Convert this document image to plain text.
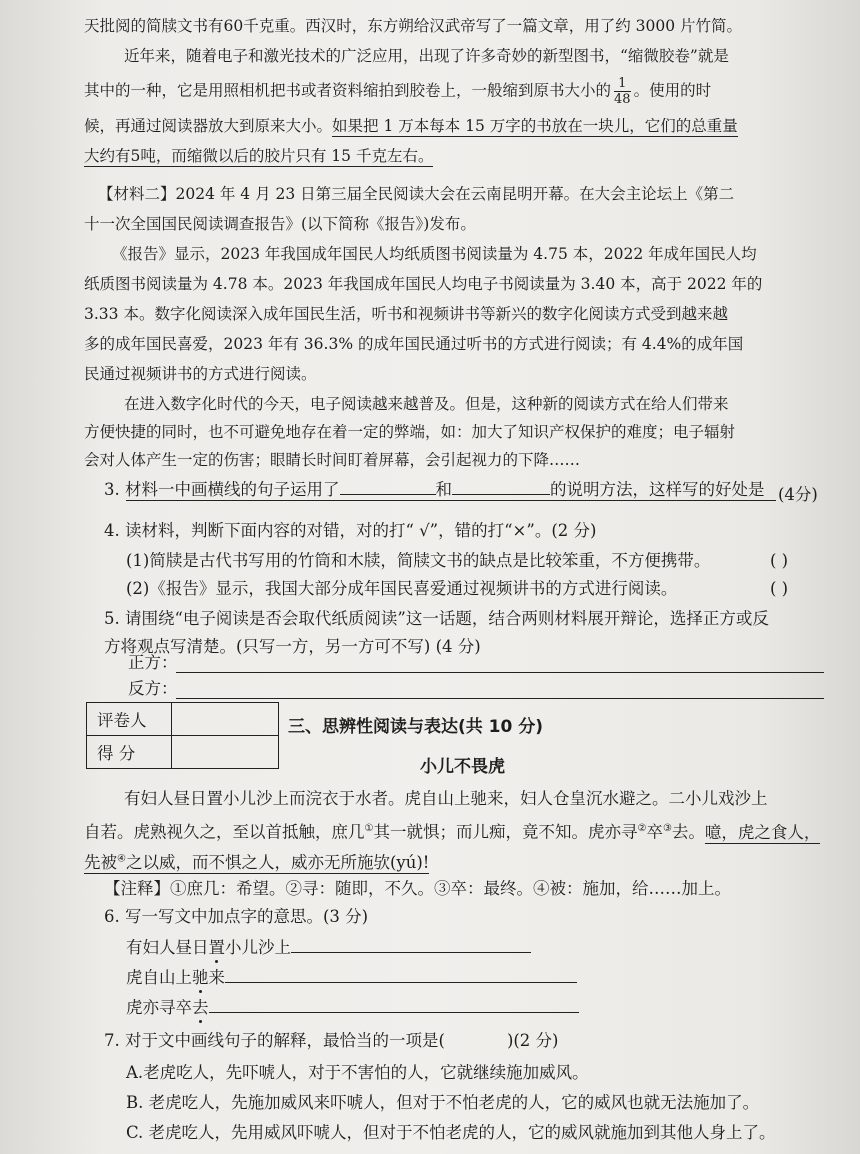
天批阅的简牍文书有60千克重。西汉时，东方朔给汉武帝写了一篇文章，用了约 3000 片竹简。
近年来，随着电子和激光技术的广泛应用，出现了许多奇妙的新型图书，“缩微胶卷”就是
其中的一种，它是用照相机把书或者资料缩拍到胶卷上，一般缩到原书大小的 $\frac{1}{48}$ 。使用的时
候，再通过阅读器放大到原来大小。如果把 1 万本每本 15 万字的书放在一块儿，它们的总重量
大约有5吨，而缩微以后的胶片只有 15 千克左右。
【材料二】2024 年 4 月 23 日第三届全民阅读大会在云南昆明开幕。在大会主论坛上《第二
十一次全国国民阅读调查报告》(以下简称《报告》)发布。
《报告》显示，2023 年我国成年国民人均纸质图书阅读量为 4.75 本，2022 年成年国民人均
纸质图书阅读量为 4.78 本。2023 年我国成年国民人均电子书阅读量为 3.40 本，高于 2022 年的
3.33 本。数字化阅读深入成年国民生活，听书和视频讲书等新兴的数字化阅读方式受到越来越
多的成年国民喜爱，2023 年有 36.3% 的成年国民通过听书的方式进行阅读；有 4.4%的成年国
民通过视频讲书的方式进行阅读。
在进入数字化时代的今天，电子阅读越来越普及。但是，这种新的阅读方式在给人们带来
方便快捷的同时，也不可避免地存在着一定的弊端，如：加大了知识产权保护的难度；电子辐射
会对人体产生一定的伤害；眼睛长时间盯着屏幕，会引起视力的下降……
3. 材料一中画横线的句子运用了	和	的说明方法，这样写的好处是 (4分)
4. 读材料，判断下面内容的对错，对的打“ √”，错的打“×”。(2 分)
(1)简牍是古代书写用的竹筒和木牍，简牍文书的缺点是比较笨重，不方便携带。	( )
(2)《报告》显示，我国大部分成年国民喜爱通过视频讲书的方式进行阅读。	( )
5. 请围绕“电子阅读是否会取代纸质阅读”这一话题，结合两则材料展开辩论，选择正方或反
方将观点写清楚。(只写一方，另一方可不写) (4 分)
正方：
反方：
评卷人	
得 分	
三、思辨性阅读与表达(共 10 分)
小儿不畏虎
有妇人昼日置小儿沙上而浣衣于水者。虎自山上驰来，妇人仓皇沉水避之。二小儿戏沙上
自若。虎熟视久之，至以首抵触，庶几①其一就惧；而儿痴，竟不知。虎亦寻②卒③去。噫，虎之食人，
先被④之以威，而不惧之人，威亦无所施欤(yú)!
【注释】①庶几：希望。②寻：随即，不久。③卒：最终。④被：施加，给……加上。
6. 写一写文中加点字的意思。(3 分)
有妇人昼日置小儿沙上
虎自山上驰来
虎亦寻卒去
7. 对于文中画线句子的解释，最恰当的一项是(	)(2 分)
A.老虎吃人，先吓唬人，对于不害怕的人，它就继续施加威风。
B. 老虎吃人，先施加威风来吓唬人，但对于不怕老虎的人，它的威风也就无法施加了。
C. 老虎吃人，先用威风吓唬人，但对于不怕老虎的人，它的威风就施加到其他人身上了。
